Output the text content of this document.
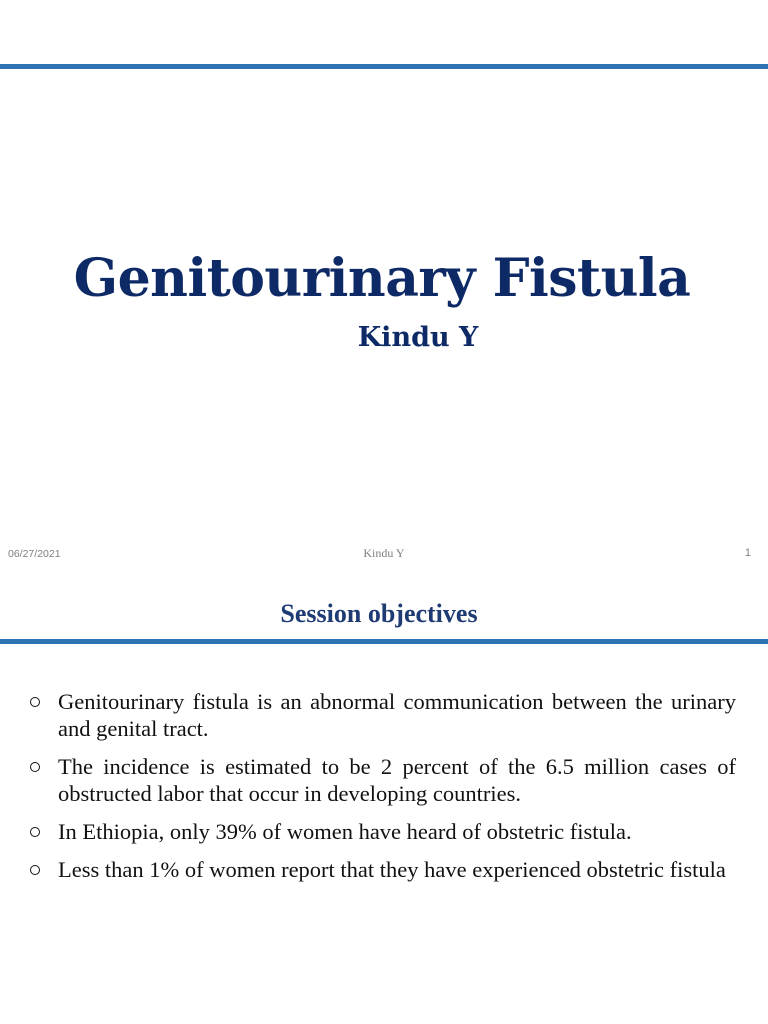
Genitourinary Fistula
Kindu Y
06/27/2021	Kindu Y	1
Session objectives
Genitourinary fistula is an abnormal communication between the urinary and genital tract.
The incidence is estimated to be 2 percent of the 6.5 million cases of obstructed labor that occur in developing countries.
In Ethiopia, only 39% of women have heard of obstetric fistula.
Less than 1% of women report that they have experienced obstetric fistula
